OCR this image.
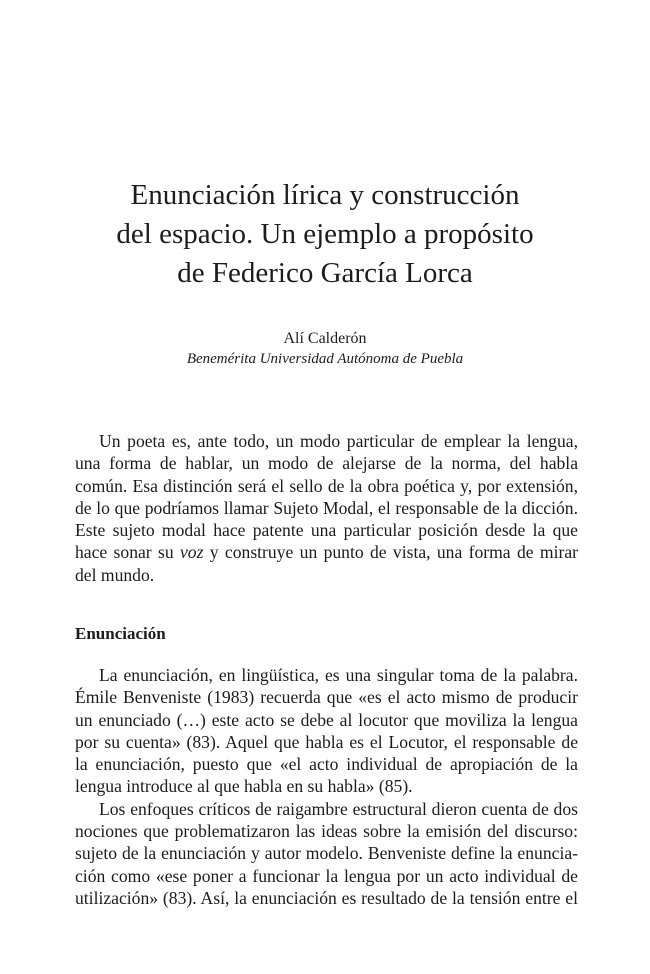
Enunciación lírica y construcción
del espacio. Un ejemplo a propósito
de Federico García Lorca
Alí Calderón
Benemérita Universidad Autónoma de Puebla
Un poeta es, ante todo, un modo particular de emplear la lengua,
una forma de hablar, un modo de alejarse de la norma, del habla
común. Esa distinción será el sello de la obra poética y, por extensión,
de lo que podríamos llamar Sujeto Modal, el responsable de la dicción.
Este sujeto modal hace patente una particular posición desde la que
hace sonar su voz y construye un punto de vista, una forma de mirar
del mundo.
Enunciación
La enunciación, en lingüística, es una singular toma de la palabra.
Émile Benveniste (1983) recuerda que «es el acto mismo de producir
un enunciado (…) este acto se debe al locutor que moviliza la lengua
por su cuenta» (83). Aquel que habla es el Locutor, el responsable de
la enunciación, puesto que «el acto individual de apropiación de la
lengua introduce al que habla en su habla» (85).
Los enfoques críticos de raigambre estructural dieron cuenta de dos
nociones que problematizaron las ideas sobre la emisión del discurso:
sujeto de la enunciación y autor modelo. Benveniste define la enuncia-
ción como «ese poner a funcionar la lengua por un acto individual de
utilización» (83). Así, la enunciación es resultado de la tensión entre el
